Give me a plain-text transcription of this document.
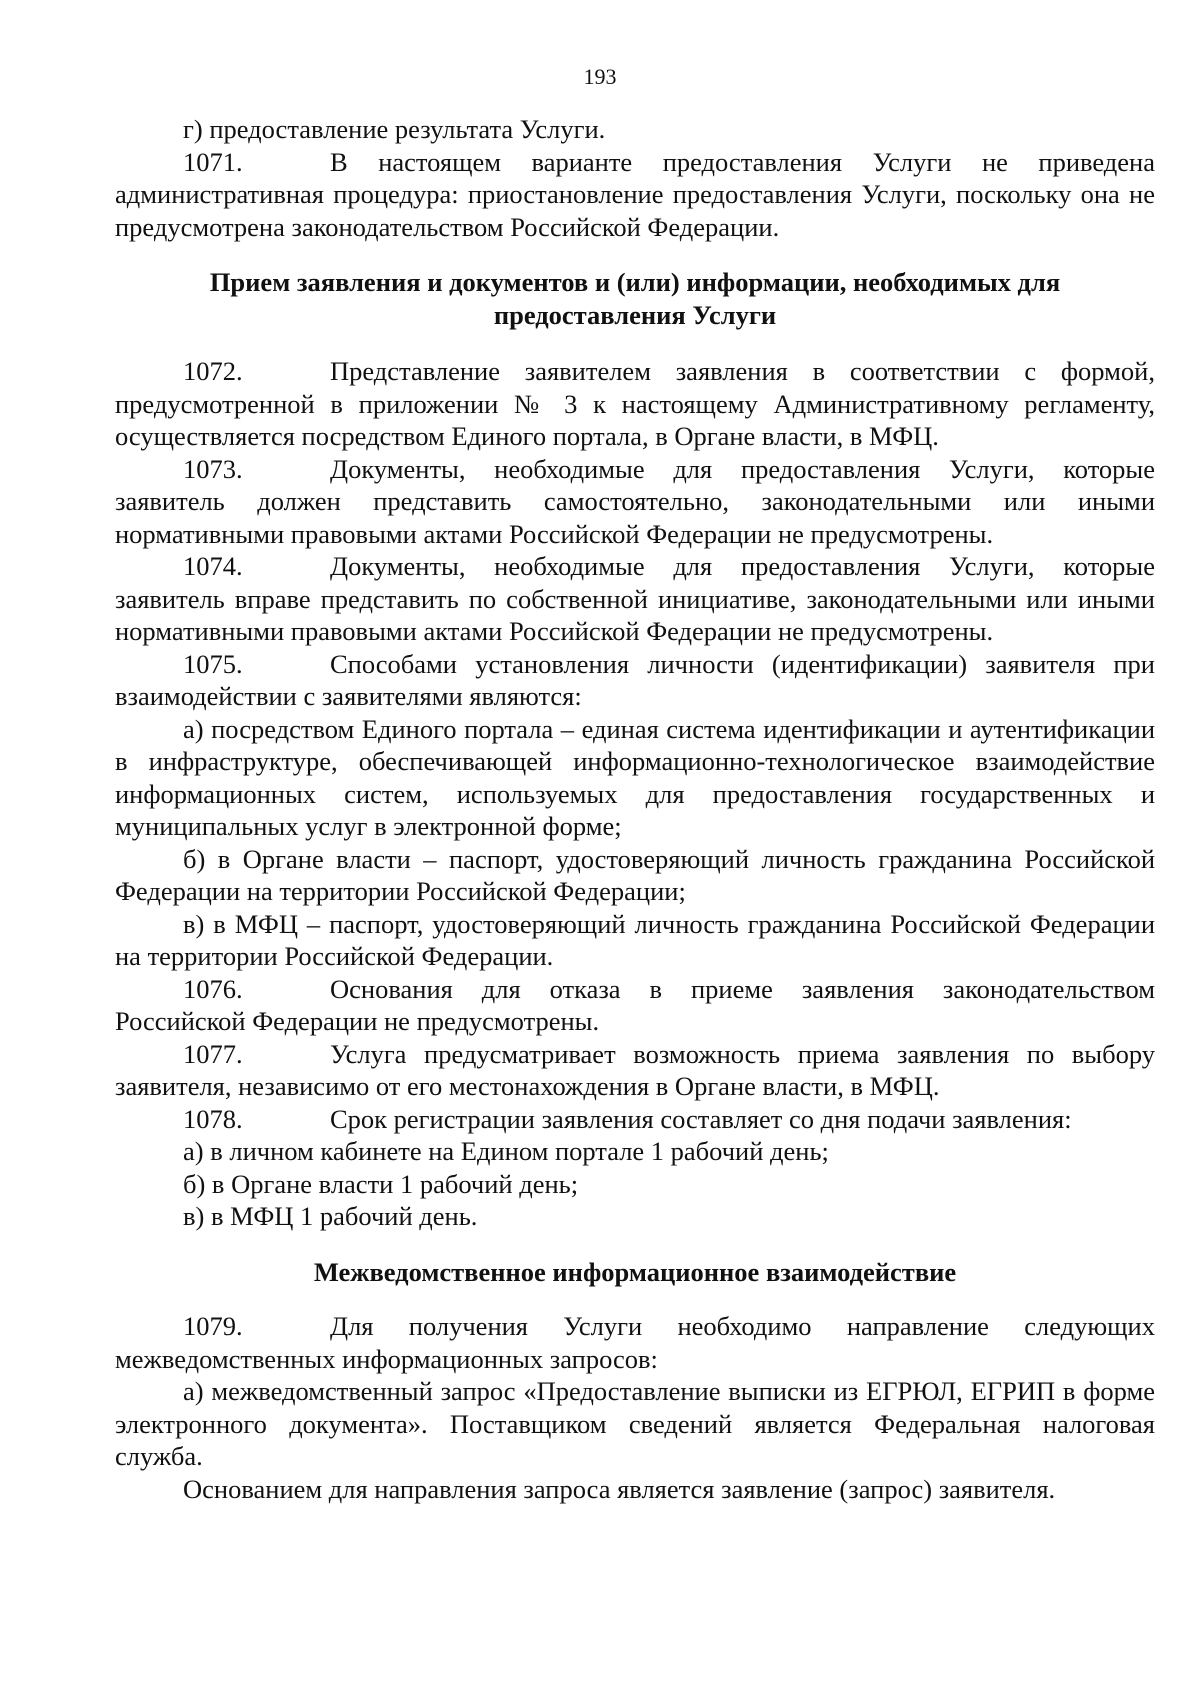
193

г) предоставление результата Услуги.

1071.	В настоящем варианте предоставления Услуги не приведена административная процедура: приостановление предоставления Услуги, поскольку она не предусмотрена законодательством Российской Федерации.

Прием заявления и документов и (или) информации, необходимых для предоставления Услуги

1072.	Представление заявителем заявления в соответствии с формой, предусмотренной в приложении № 3 к настоящему Административному регламенту, осуществляется посредством Единого портала, в Органе власти, в МФЦ.

1073.	Документы, необходимые для предоставления Услуги, которые заявитель должен представить самостоятельно, законодательными или иными нормативными правовыми актами Российской Федерации не предусмотрены.

1074.	Документы, необходимые для предоставления Услуги, которые заявитель вправе представить по собственной инициативе, законодательными или иными нормативными правовыми актами Российской Федерации не предусмотрены.

1075.	Способами установления личности (идентификации) заявителя при взаимодействии с заявителями являются:

а) посредством Единого портала – единая система идентификации и аутентификации в инфраструктуре, обеспечивающей информационно-технологическое взаимодействие информационных систем, используемых для предоставления государственных и муниципальных услуг в электронной форме;

б) в Органе власти – паспорт, удостоверяющий личность гражданина Российской Федерации на территории Российской Федерации;

в) в МФЦ – паспорт, удостоверяющий личность гражданина Российской Федерации на территории Российской Федерации.

1076.	Основания для отказа в приеме заявления законодательством Российской Федерации не предусмотрены.

1077.	Услуга предусматривает возможность приема заявления по выбору заявителя, независимо от его местонахождения в Органе власти, в МФЦ.

1078.	Срок регистрации заявления составляет со дня подачи заявления:

а) в личном кабинете на Едином портале 1 рабочий день;

б) в Органе власти 1 рабочий день;

в) в МФЦ 1 рабочий день.

Межведомственное информационное взаимодействие

1079.	Для получения Услуги необходимо направление следующих межведомственных информационных запросов:

а) межведомственный запрос «Предоставление выписки из ЕГРЮЛ, ЕГРИП в форме электронного документа». Поставщиком сведений является Федеральная налоговая служба.

Основанием для направления запроса является заявление (запрос) заявителя.
